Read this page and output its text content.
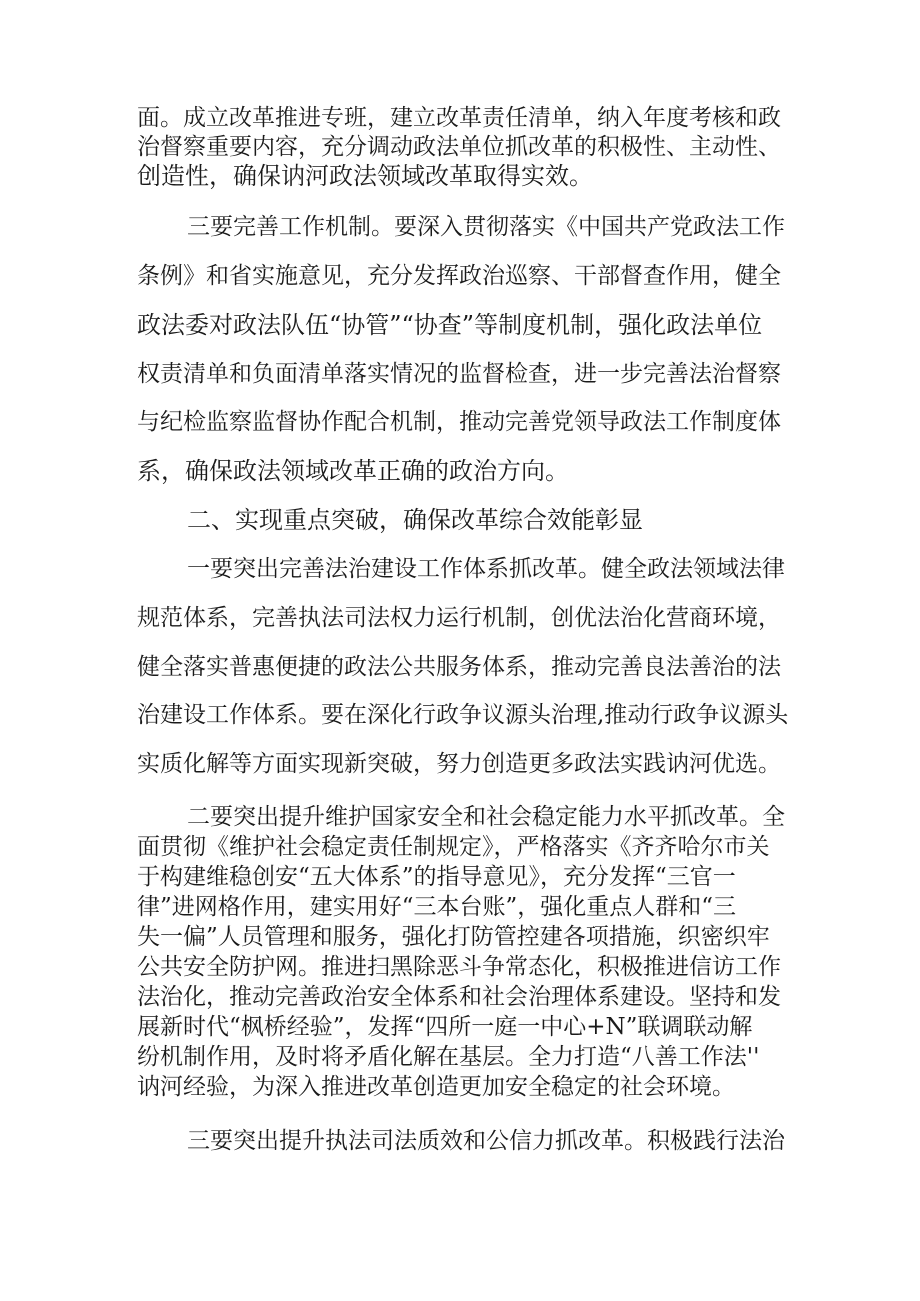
面。成立改革推进专班，建立改革责任清单，纳入年度考核和政
治督察重要内容，充分调动政法单位抓改革的积极性、主动性、
创造性，确保讷河政法领域改革取得实效。
三要完善工作机制。要深入贯彻落实《中国共产党政法工作
条例》和省实施意见，充分发挥政治巡察、干部督查作用，健全
政法委对政法队伍“协管”“协查”等制度机制，强化政法单位
权责清单和负面清单落实情况的监督检查，进一步完善法治督察
与纪检监察监督协作配合机制，推动完善党领导政法工作制度体
系，确保政法领域改革正确的政治方向。
二、实现重点突破，确保改革综合效能彰显
一要突出完善法治建设工作体系抓改革。健全政法领域法律
规范体系，完善执法司法权力运行机制，创优法治化营商环境，
健全落实普惠便捷的政法公共服务体系，推动完善良法善治的法
治建设工作体系。要在深化行政争议源头治理,推动行政争议源头
实质化解等方面实现新突破，努力创造更多政法实践讷河优选。
二要突出提升维护国家安全和社会稳定能力水平抓改革。全
面贯彻《维护社会稳定责任制规定》，严格落实《齐齐哈尔市关
于构建维稳创安“五大体系”的指导意见》，充分发挥“三官一
律”进网格作用，建实用好“三本台账”，强化重点人群和“三
失一偏”人员管理和服务，强化打防管控建各项措施，织密织牢
公共安全防护网。推进扫黑除恶斗争常态化，积极推进信访工作
法治化，推动完善政治安全体系和社会治理体系建设。坚持和发
展新时代“枫桥经验”，发挥“四所一庭一中心+N”联调联动解
纷机制作用，及时将矛盾化解在基层。全力打造“八善工作法''
讷河经验，为深入推进改革创造更加安全稳定的社会环境。
三要突出提升执法司法质效和公信力抓改革。积极践行法治
